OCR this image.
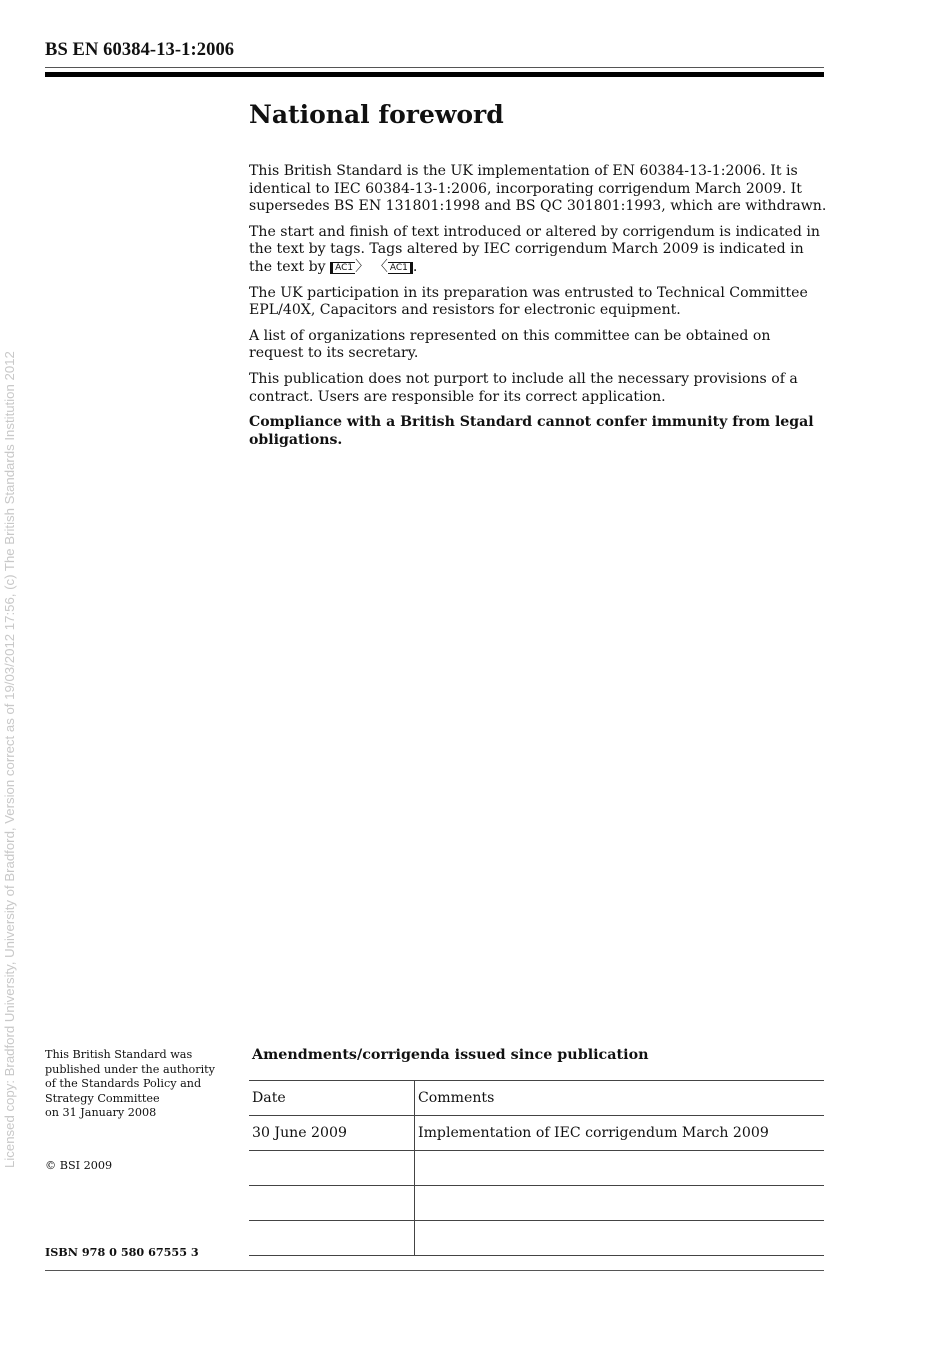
Licensed copy: Bradford University, University of Bradford, Version correct as of 19/03/2012 17:56, (c) The British Standards Institution 2012
BS EN 60384-13-1:2006
National foreword

This British Standard is the UK implementation of EN 60384-13-1:2006. It is identical to IEC 60384-13-1:2006, incorporating corrigendum March 2009. It supersedes BS EN 131801:1998 and BS QC 301801:1993, which are withdrawn.

The start and finish of text introduced or altered by corrigendum is indicated in the text by tags. Tags altered by IEC corrigendum March 2009 is indicated in the text by AC1 〉 〈 AC1 .

The UK participation in its preparation was entrusted to Technical Committee EPL/40X, Capacitors and resistors for electronic equipment.

A list of organizations represented on this committee can be obtained on request to its secretary.

This publication does not purport to include all the necessary provisions of a contract. Users are responsible for its correct application.

Compliance with a British Standard cannot confer immunity from legal obligations.

This British Standard was
published under the authority
of the Standards Policy and
Strategy Committee
on 31 January 2008
© BSI 2009
ISBN 978 0 580 67555 3
Amendments/corrigenda issued since publication
Date	Comments
30 June 2009	Implementation of IEC corrigendum March 2009
